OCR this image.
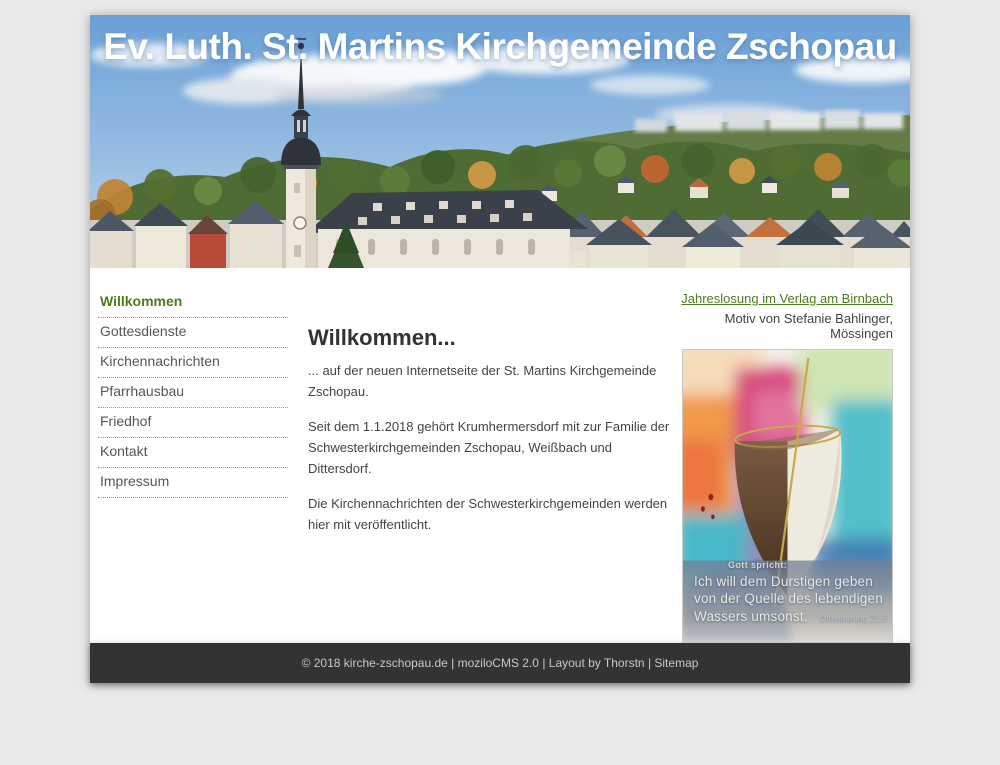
Ev. Luth. St. Martins Kirchgemeinde Zschopau
Willkommen
Gottesdienste
Kirchennachrichten
Pfarrhausbau
Friedhof
Kontakt
Impressum
Willkommen...

... auf der neuen Internetseite der St. Martins Kirchgemeinde Zschopau.

Seit dem 1.1.2018 gehört Krumhermersdorf mit zur Familie der Schwesterkirchgemeinden Zschopau, Weißbach und Dittersdorf.

Die Kirchennachrichten der Schwesterkirchgemeinden werden hier mit veröffentlicht.

Jahreslosung im Verlag am Birnbach
Motiv von Stefanie Bahlinger, Mössingen
Gott spricht:
Ich will dem Durstigen geben
von der Quelle des lebendigen
Wassers umsonst. Offenbarung 21,6
© 2018 kirche-zschopau.de | moziloCMS 2.0 | Layout by Thorstn | Sitemap
